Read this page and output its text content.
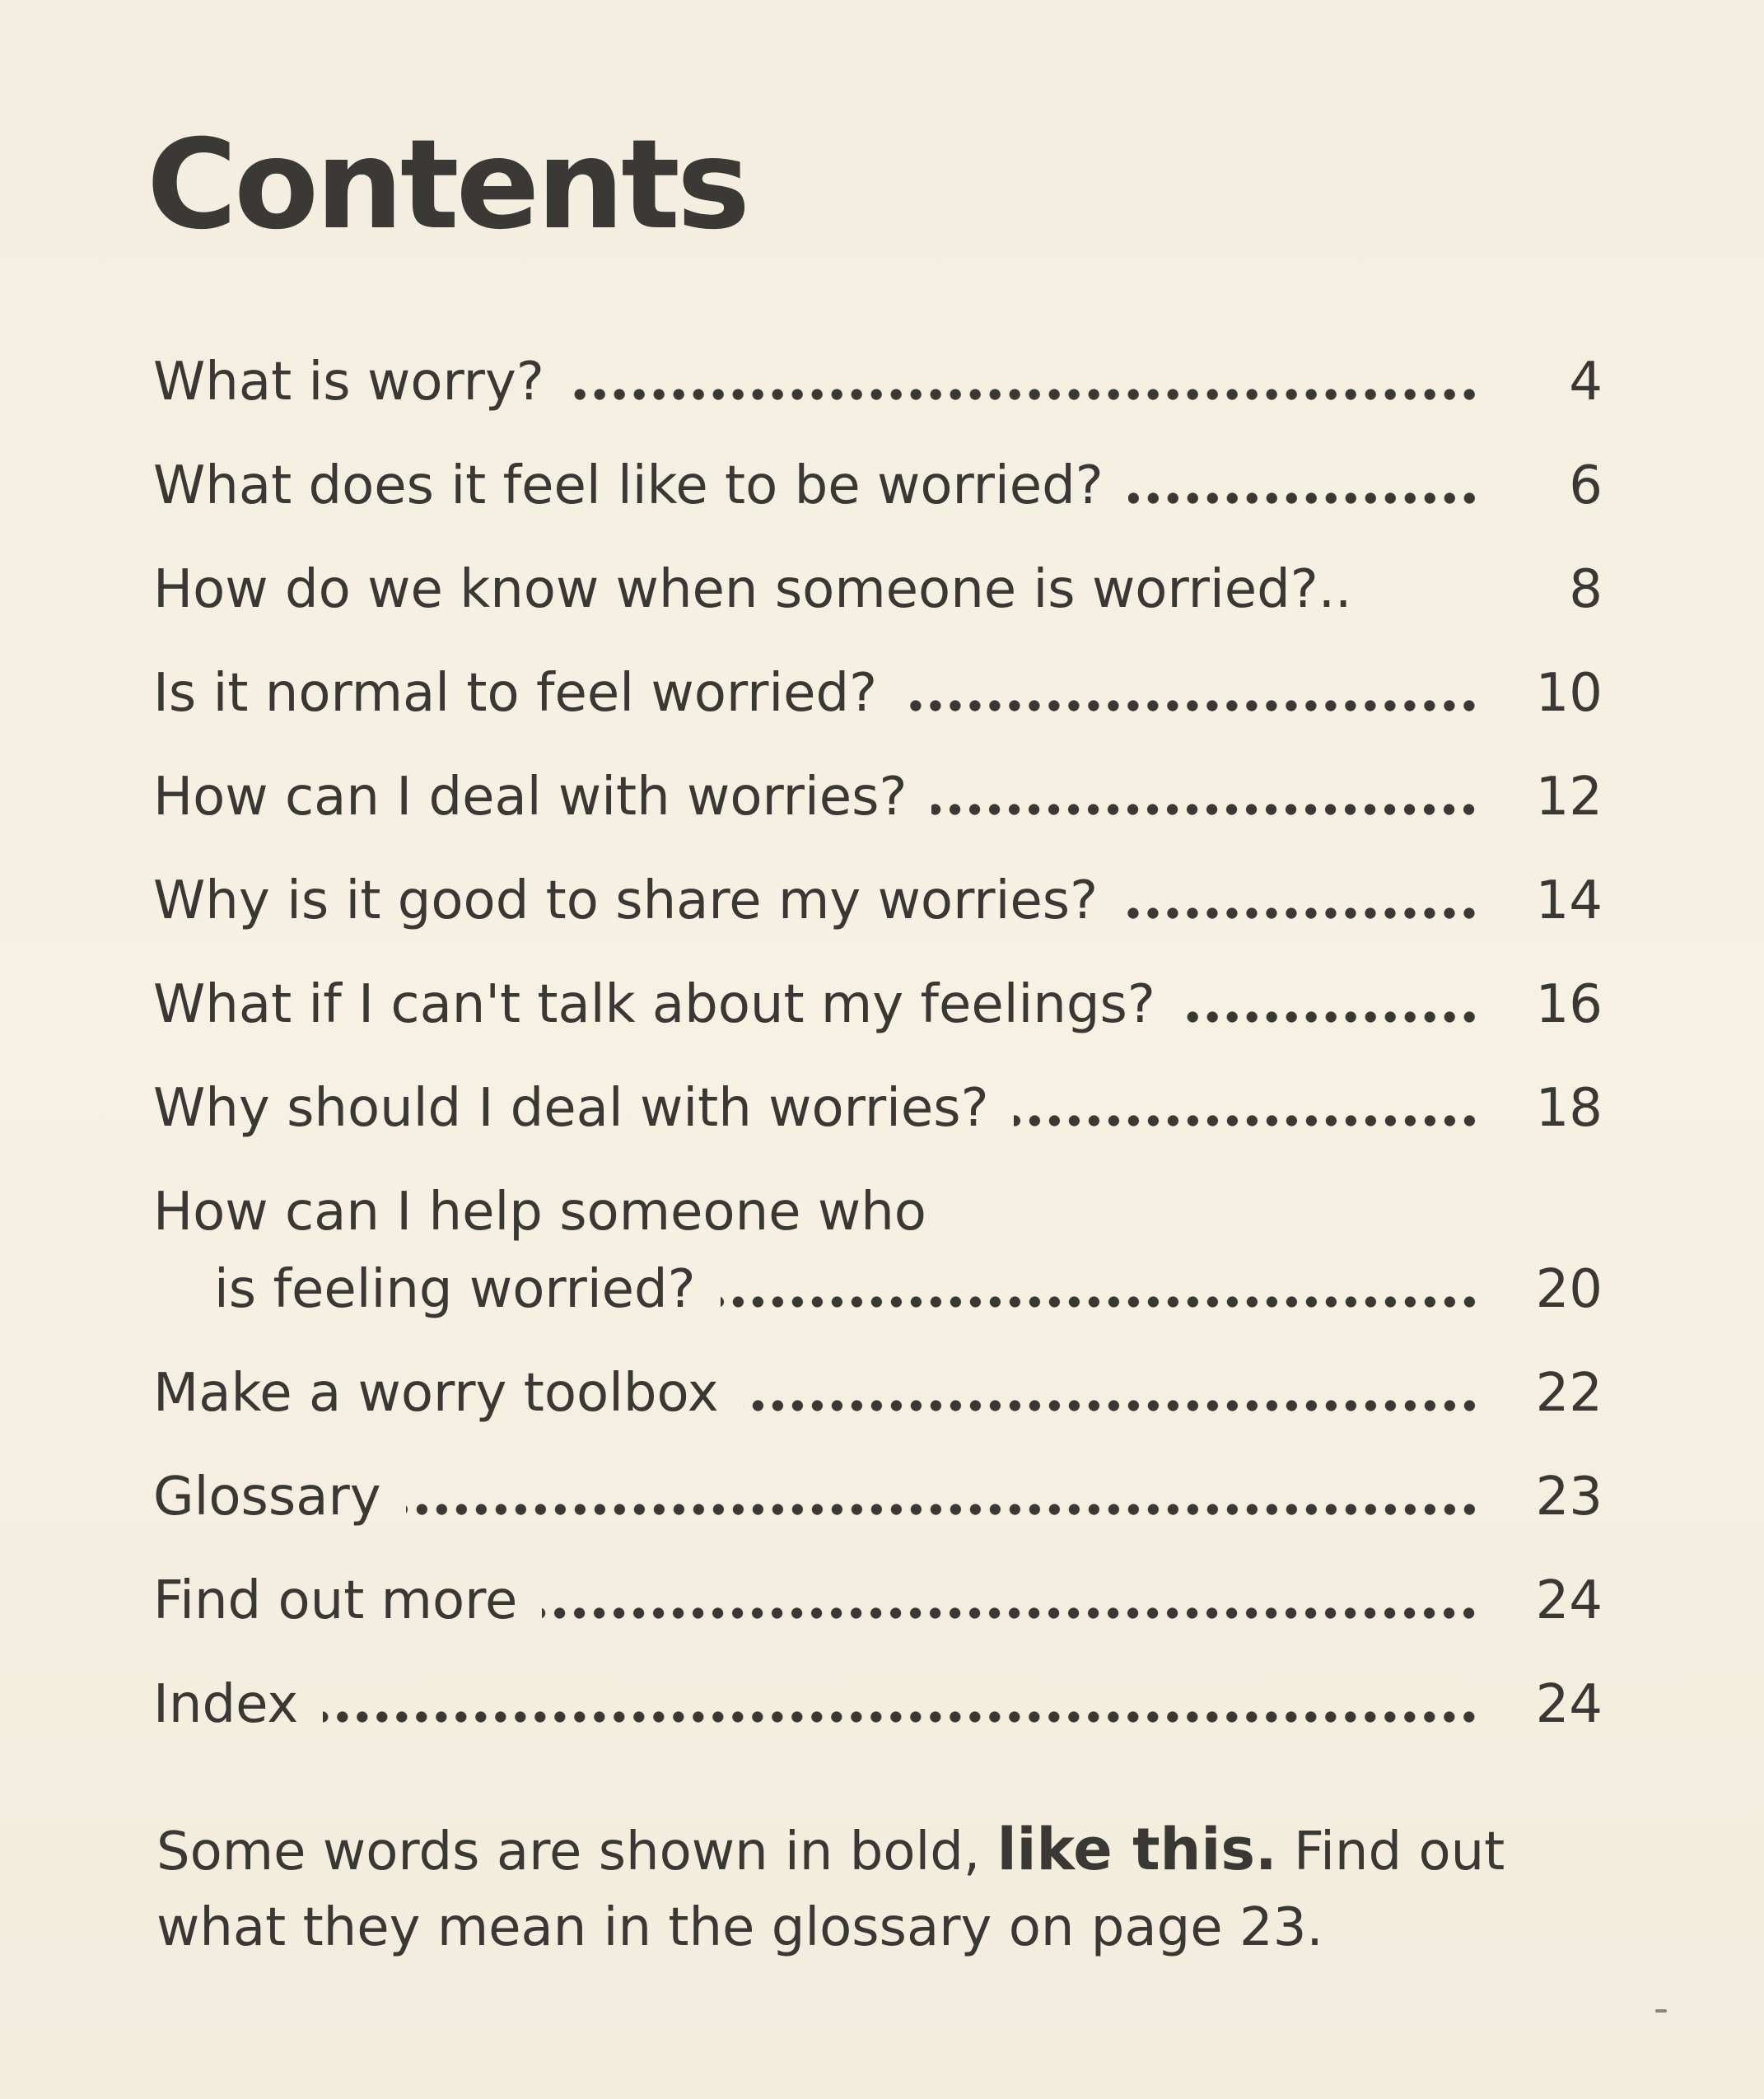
Contents
What is worry?	4
What does it feel like to be worried?	6
How do we know when someone is worried?..	8
Is it normal to feel worried?	10
How can I deal with worries?	12
Why is it good to share my worries?	14
What if I can't talk about my feelings?	16
Why should I deal with worries?	18
How can I help someone who
is feeling worried?	20
Make a worry toolbox	22
Glossary	23
Find out more	24
Index	24
Some words are shown in bold, like this. Find out what they mean in the glossary on page 23.
